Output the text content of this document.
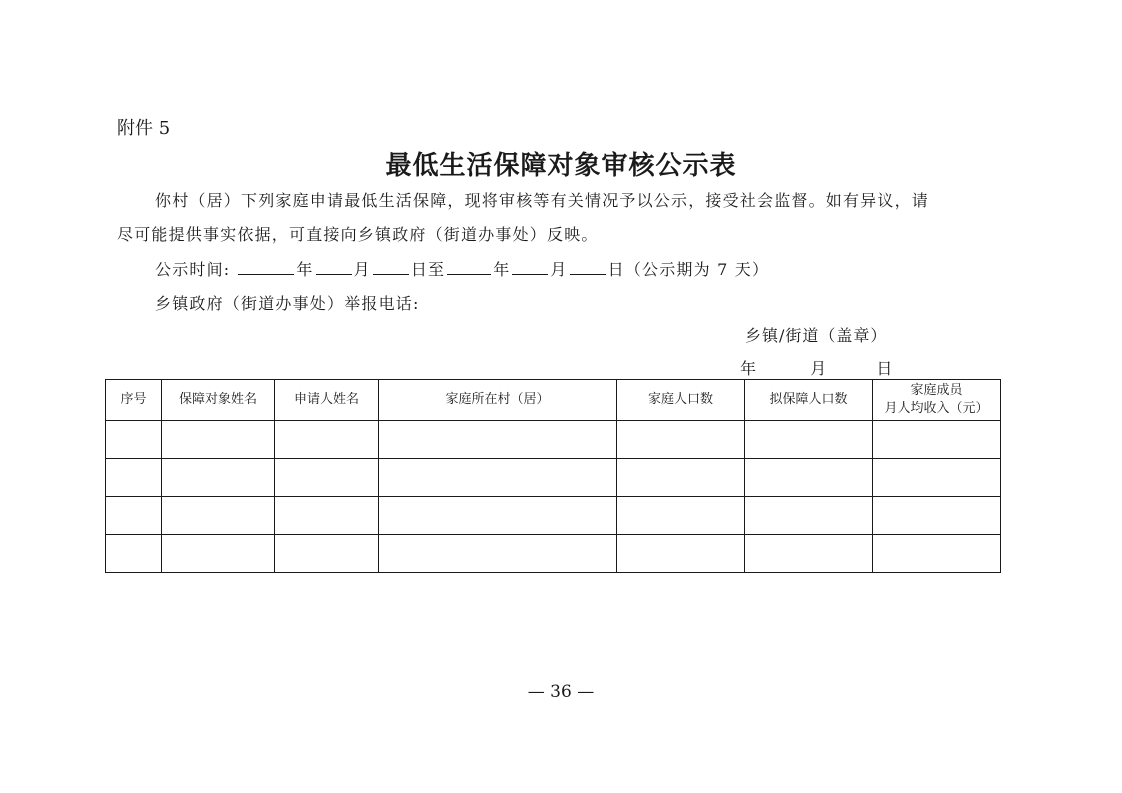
附件 5
最低生活保障对象审核公示表
你村（居）下列家庭申请最低生活保障，现将审核等有关情况予以公示，接受社会监督。如有异议，请
尽可能提供事实依据，可直接向乡镇政府（街道办事处）反映。
公示时间:	年	月	日至	年	月	日（公示期为 7 天）
乡镇政府（街道办事处）举报电话:
乡镇/街道（盖章）
年	月	日
序号	保障对象姓名	申请人姓名	家庭所在村（居）	家庭人口数	拟保障人口数	家庭成员
月人均收入（元）

— 36 —
